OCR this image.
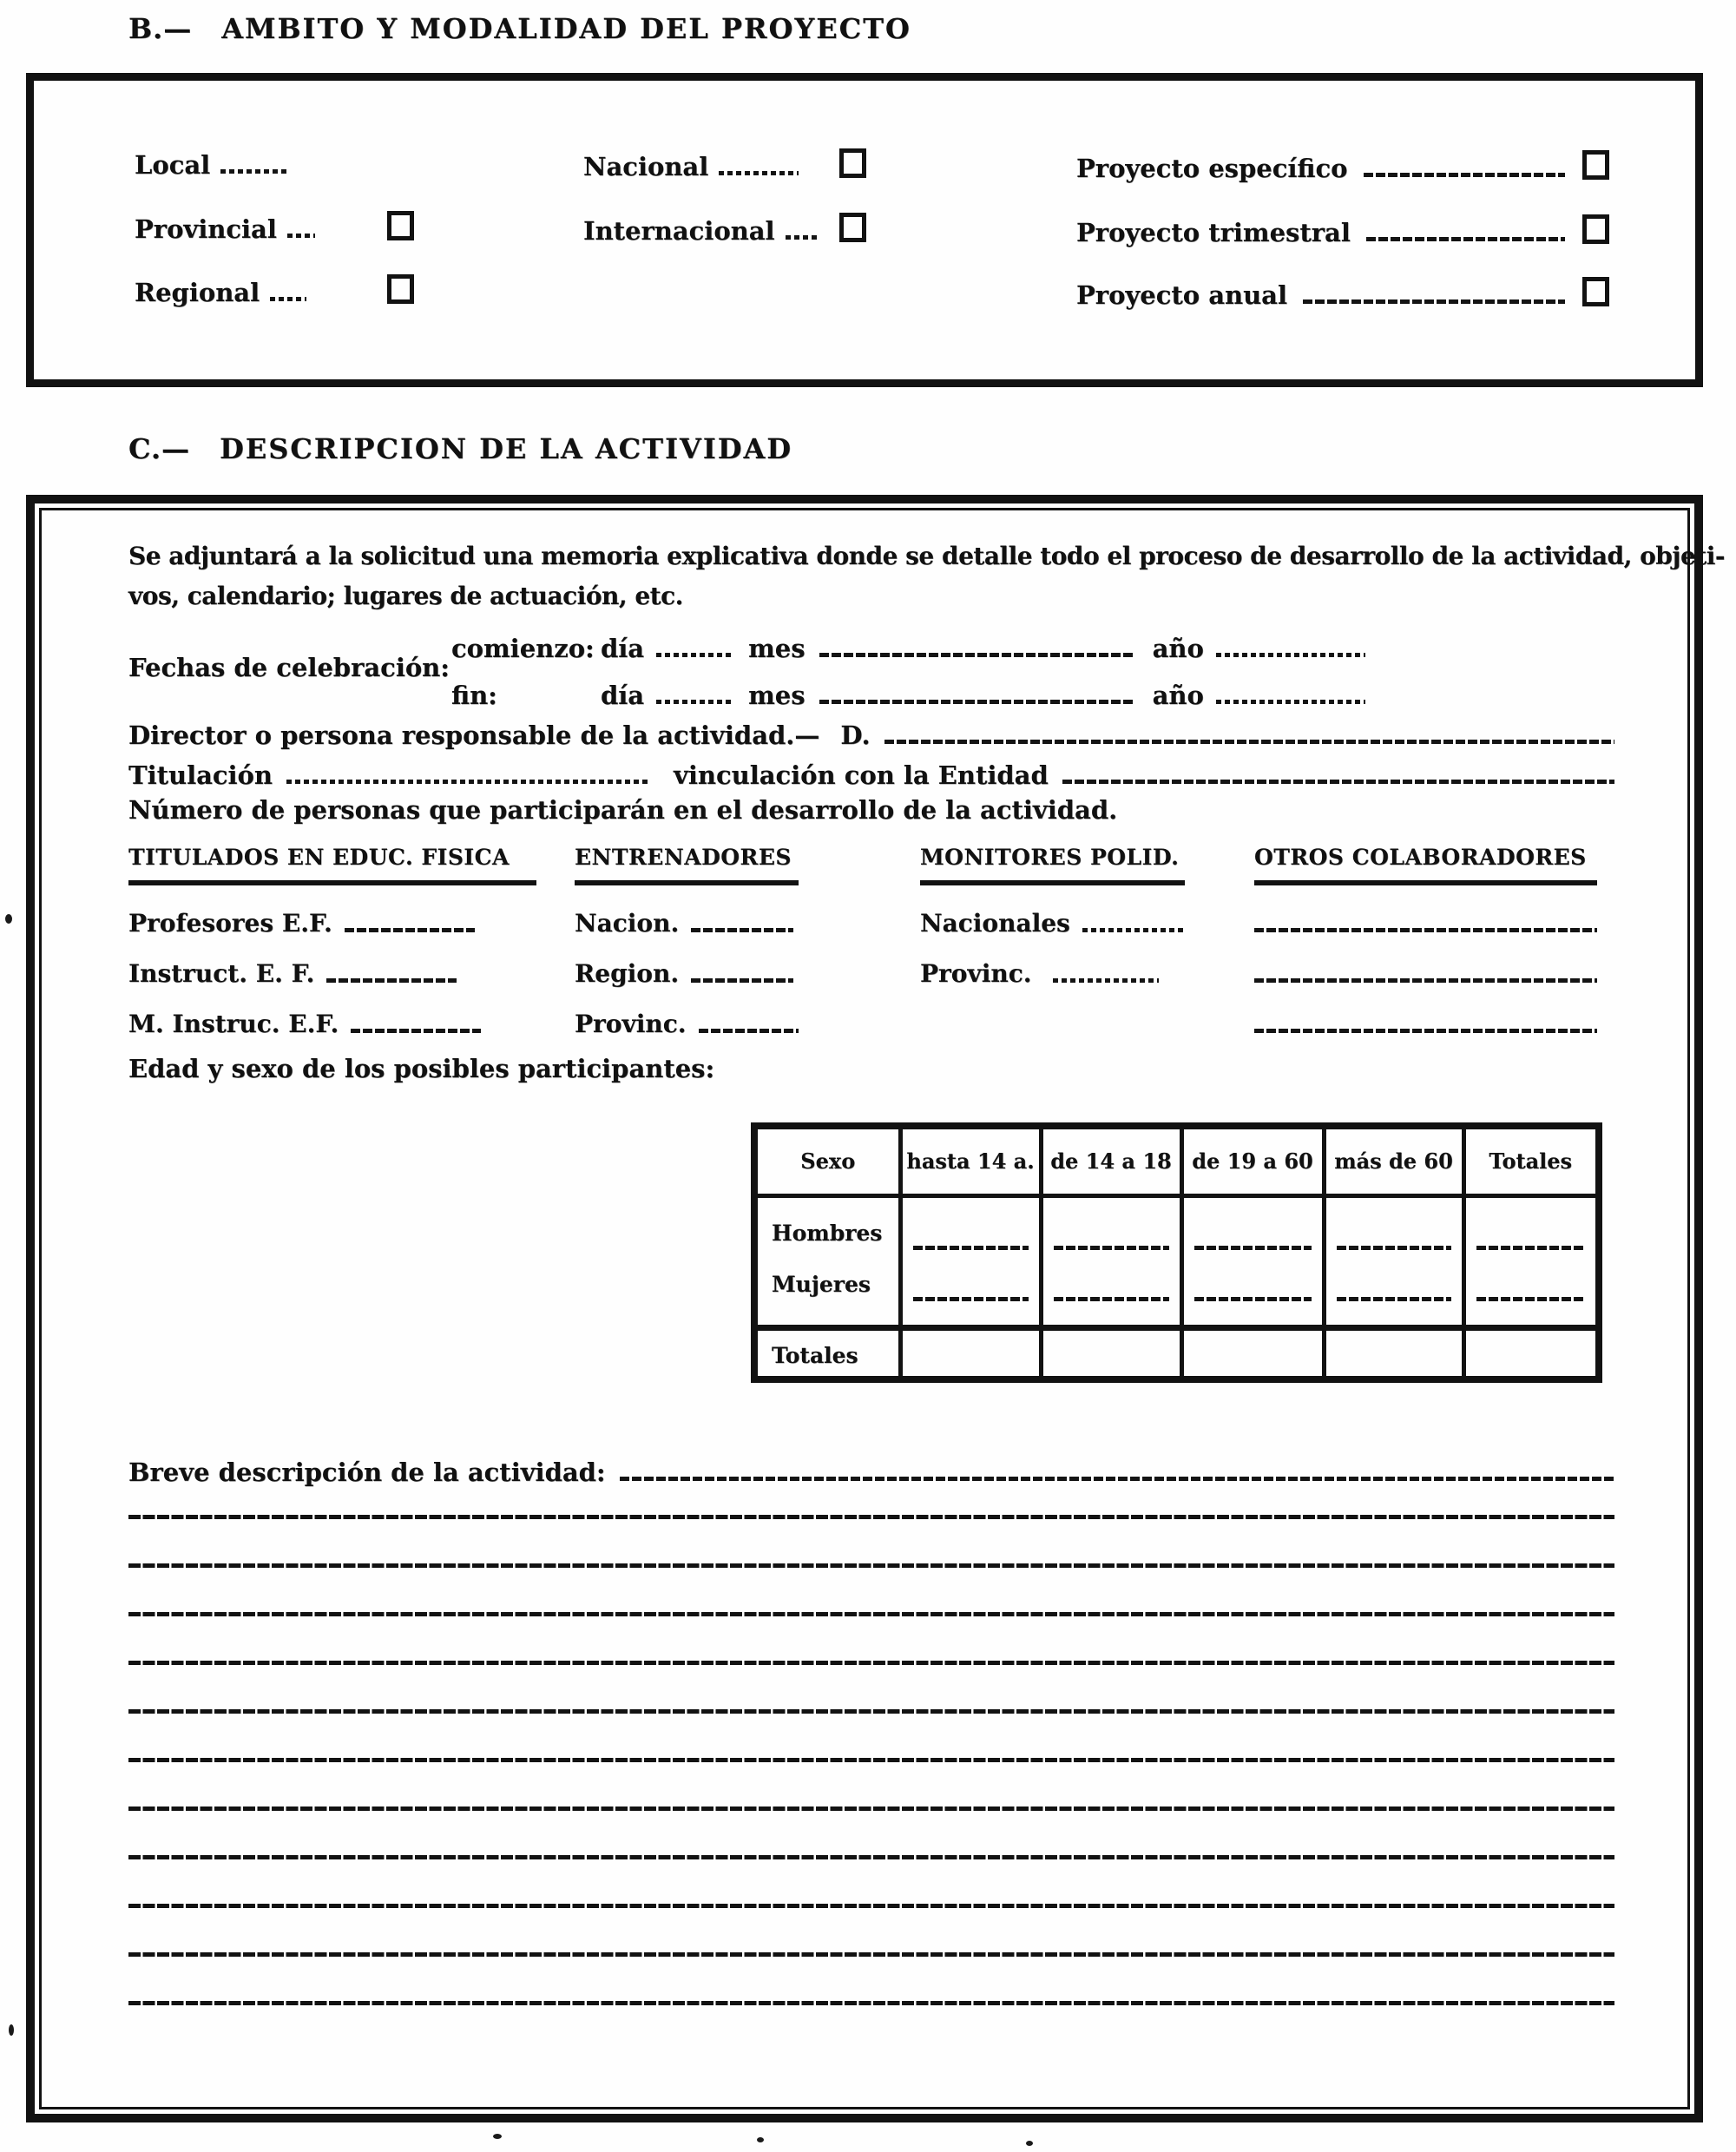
B.— AMBITO Y MODALIDAD DEL PROYECTO
Local
Provincial
Regional
Nacional
Internacional
Proyecto específico
Proyecto trimestral
Proyecto anual
C.— DESCRIPCION DE LA ACTIVIDAD
Se adjuntará a la solicitud una memoria explicativa donde se detalle todo el proceso de desarrollo de la actividad, objeti-
vos, calendario; lugares de actuación, etc.
Fechas de celebración:
comienzo: día	mes	año
fin:	día	mes	año
Director o persona responsable de la actividad.— D.
Titulación	vinculación con la Entidad
Número de personas que participarán en el desarrollo de la actividad.
TITULADOS EN EDUC. FISICA
Profesores E.F.
Instruct. E. F.
M. Instruc. E.F.
ENTRENADORES
Nacion.
Region.
Provinc.
MONITORES POLID.
Nacionales
Provinc.
OTROS COLABORADORES
Edad y sexo de los posibles participantes:
Sexo	hasta 14 a.	de 14 a 18	de 19 a 60	más de 60	Totales

Hombres
Mujeres					

Totales					

Breve descripción de la actividad:
